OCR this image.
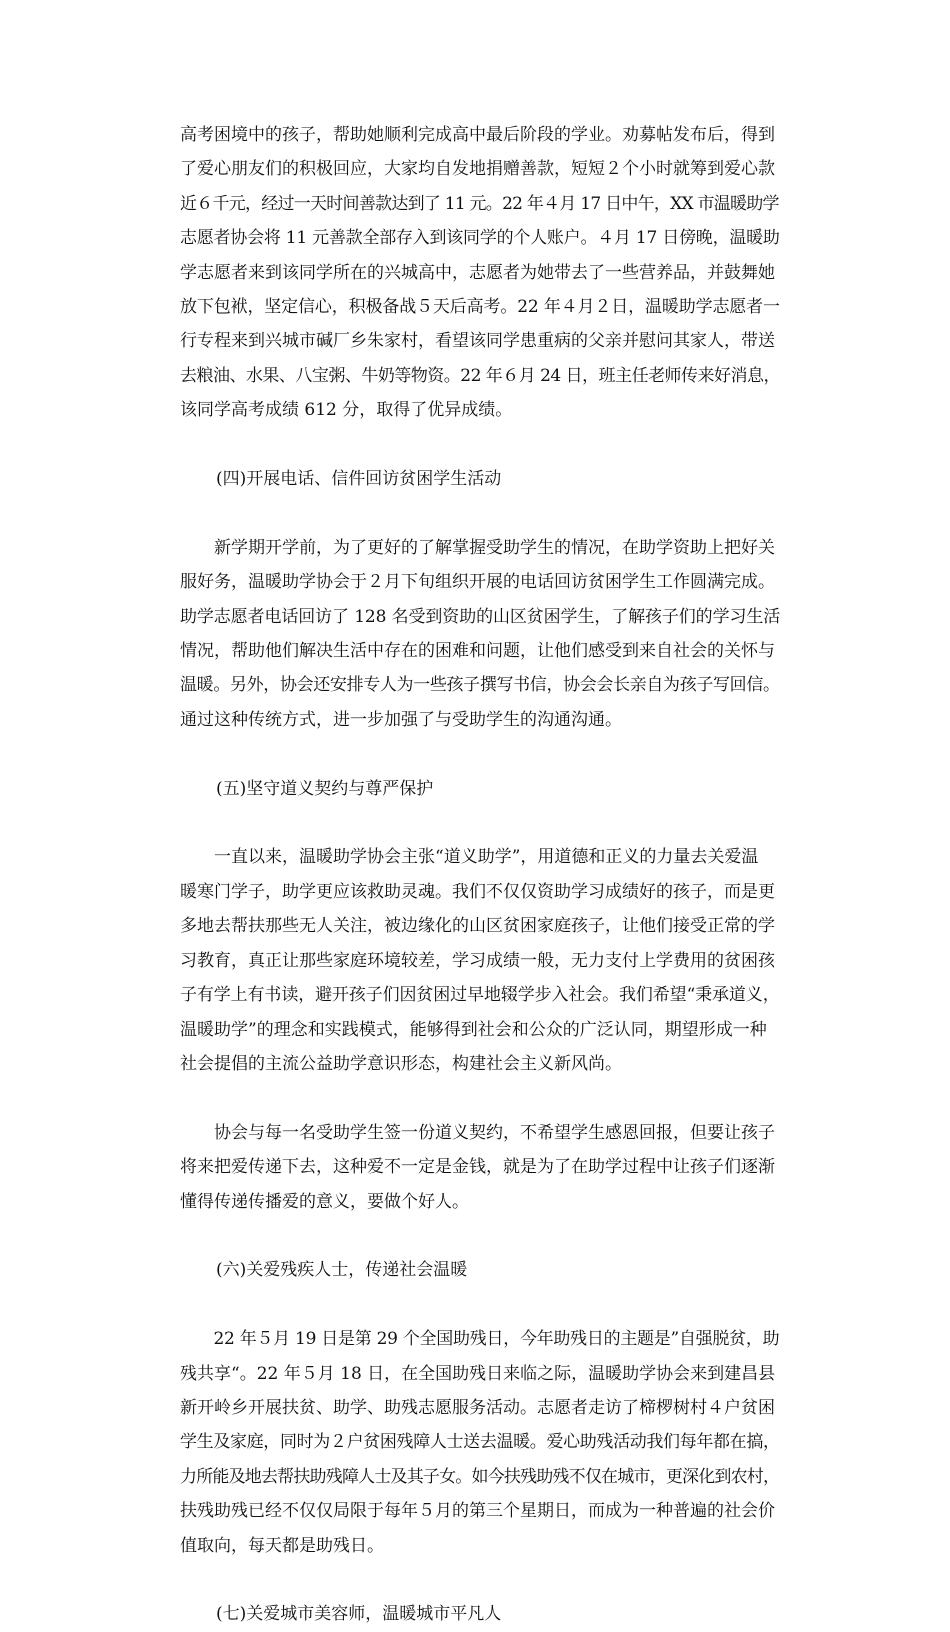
高考困境中的孩子，帮助她顺利完成高中最后阶段的学业。劝募帖发布后，得到
了爱心朋友们的积极回应，大家均自发地捐赠善款，短短２个小时就筹到爱心款
近６千元，经过一天时间善款达到了 11 元。22 年４月 17 日中午，XX 市温暖助学
志愿者协会将 11 元善款全部存入到该同学的个人账户。４月 17 日傍晚，温暖助
学志愿者来到该同学所在的兴城高中，志愿者为她带去了一些营养品，并鼓舞她
放下包袱，坚定信心，积极备战５天后高考。22 年４月２日，温暖助学志愿者一
行专程来到兴城市碱厂乡朱家村，看望该同学患重病的父亲并慰问其家人，带送
去粮油、水果、八宝粥、牛奶等物资。22 年６月 24 日，班主任老师传来好消息，
该同学高考成绩 612 分，取得了优异成绩。
(四)开展电话、信件回访贫困学生活动
　　新学期开学前，为了更好的了解掌握受助学生的情况，在助学资助上把好关
服好务，温暖助学协会于２月下旬组织开展的电话回访贫困学生工作圆满完成。
助学志愿者电话回访了 128 名受到资助的山区贫困学生，了解孩子们的学习生活
情况，帮助他们解决生活中存在的困难和问题，让他们感受到来自社会的关怀与
温暖。另外，协会还安排专人为一些孩子撰写书信，协会会长亲自为孩子写回信。
通过这种传统方式，进一步加强了与受助学生的沟通沟通。
(五)坚守道义契约与尊严保护
　　一直以来，温暖助学协会主张“道义助学”，用道德和正义的力量去关爱温
暖寒门学子，助学更应该救助灵魂。我们不仅仅资助学习成绩好的孩子，而是更
多地去帮扶那些无人关注，被边缘化的山区贫困家庭孩子，让他们接受正常的学
习教育，真正让那些家庭环境较差，学习成绩一般，无力支付上学费用的贫困孩
子有学上有书读，避开孩子们因贫困过早地辍学步入社会。我们希望“秉承道义，
温暖助学”的理念和实践模式，能够得到社会和公众的广泛认同，期望形成一种
社会提倡的主流公益助学意识形态，构建社会主义新风尚。
　　协会与每一名受助学生签一份道义契约，不希望学生感恩回报，但要让孩子
将来把爱传递下去，这种爱不一定是金钱，就是为了在助学过程中让孩子们逐渐
懂得传递传播爱的意义，要做个好人。
(六)关爱残疾人士，传递社会温暖
　　22 年５月 19 日是第 29 个全国助残日，今年助残日的主题是”自强脱贫，助
残共享“。22 年５月 18 日，在全国助残日来临之际，温暖助学协会来到建昌县
新开岭乡开展扶贫、助学、助残志愿服务活动。志愿者走访了楴椤树村４户贫困
学生及家庭，同时为２户贫困残障人士送去温暖。爱心助残活动我们每年都在搞，
力所能及地去帮扶助残障人士及其子女。如今扶残助残不仅在城市，更深化到农村，
扶残助残已经不仅仅局限于每年５月的第三个星期日，而成为一种普遍的社会价
值取向，每天都是助残日。
(七)关爱城市美容师，温暖城市平凡人
